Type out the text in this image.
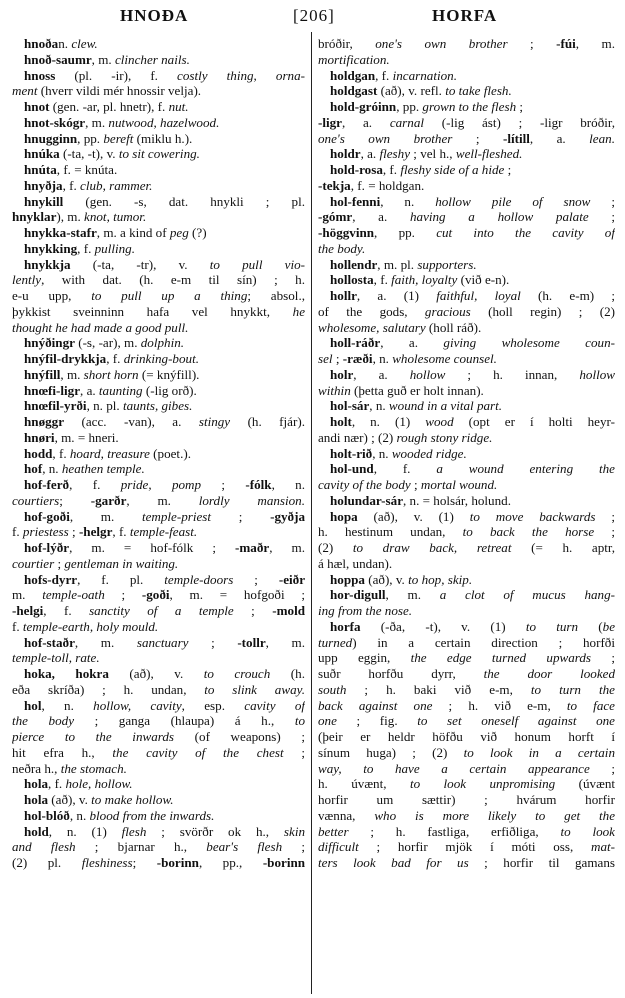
HNOÐA	[206]	HORFA
hnoðan. clew.
hnoð-saumr, m. clincher nails.
hnoss (pl. -ir), f. costly thing, orna-
ment (hverr vildi mér hnossir velja).
hnot (gen. -ar, pl. hnetr), f. nut.
hnot-skógr, m. nutwood, hazelwood.
hnugginn, pp. bereft (miklu h.).
hnúka (-ta, -t), v. to sit cowering.
hnúta, f. = knúta.
hnyðja, f. club, rammer.
hnykill (gen. -s, dat. hnykli ; pl.
hnyklar), m. knot, tumor.
hnykka-stafr, m. a kind of peg (?)
hnykking, f. pulling.
hnykkja (-ta, -tr), v. to pull vio-
lently, with dat. (h. e-m til sín) ; h.
e-u upp, to pull up a thing; absol.,
þykkist sveinninn hafa vel hnykkt, he
thought he had made a good pull.
hnýðingr (-s, -ar), m. dolphin.
hnýfil-drykkja, f. drinking-bout.
hnýfill, m. short horn (= knýfill).
hnœfi-ligr, a. taunting (-lig orð).
hnœfil-yrði, n. pl. taunts, gibes.
hnøggr (acc. -van), a. stingy (h. fjár).
hnøri, m. = hneri.
hodd, f. hoard, treasure (poet.).
hof, n. heathen temple.
hof-ferð, f. pride, pomp ; -fólk, n.
courtiers; -garðr, m. lordly mansion.
hof-goði, m. temple-priest ; -gyðja
f. priestess ; -helgr, f. temple-feast.
hof-lýðr, m. = hof-fólk ; -maðr, m.
courtier ; gentleman in waiting.
hofs-dyrr, f. pl. temple-doors ; -eiðr
m. temple-oath ; -goði, m. = hofgoði ;
-helgi, f. sanctity of a temple ; -mold
f. temple-earth, holy mould.
hof-staðr, m. sanctuary ; -tollr, m.
temple-toll, rate.
hoka, hokra (að), v. to crouch (h.
eða skríða) ; h. undan, to slink away.
hol, n. hollow, cavity, esp. cavity of
the body ; ganga (hlaupa) á h., to
pierce to the inwards (of weapons) ;
hit efra h., the cavity of the chest ;
neðra h., the stomach.
hola, f. hole, hollow.
hola (að), v. to make hollow.
hol-blóð, n. blood from the inwards.
hold, n. (1) flesh ; svörðr ok h., skin
and flesh ; bjarnar h., bear's flesh ;
(2) pl. fleshiness; -borinn, pp., -borinn
bróðir, one's own brother ; -fúi, m.
mortification.
holdgan, f. incarnation.
holdgast (að), v. refl. to take flesh.
hold-gróinn, pp. grown to the flesh ;
-ligr, a. carnal (-lig ást) ; -ligr bróðir,
one's own brother ; -lítill, a. lean.
holdr, a. fleshy ; vel h., well-fleshed.
hold-rosa, f. fleshy side of a hide ;
-tekja, f. = holdgan.
hol-fenni, n. hollow pile of snow ;
-gómr, a. having a hollow palate ;
-höggvinn, pp. cut into the cavity of
the body.
hollendr, m. pl. supporters.
hollosta, f. faith, loyalty (við e-n).
hollr, a. (1) faithful, loyal (h. e-m) ;
of the gods, gracious (holl regin) ; (2)
wholesome, salutary (holl ráð).
holl-ráðr, a. giving wholesome coun-
sel ; -ræði, n. wholesome counsel.
holr, a. hollow ; h. innan, hollow
within (þetta guð er holt innan).
hol-sár, n. wound in a vital part.
holt, n. (1) wood (opt er í holti heyr-
andi nær) ; (2) rough stony ridge.
holt-rið, n. wooded ridge.
hol-und, f. a wound entering the
cavity of the body ; mortal wound.
holundar-sár, n. = holsár, holund.
hopa (að), v. (1) to move backwards ;
h. hestinum undan, to back the horse ;
(2) to draw back, retreat (= h. aptr,
á hæl, undan).
hoppa (að), v. to hop, skip.
hor-digull, m. a clot of mucus hang-
ing from the nose.
horfa (-ða, -t), v. (1) to turn (be
turned) in a certain direction ; horfði
upp eggin, the edge turned upwards ;
suðr horfðu dyrr, the door looked
south ; h. baki við e-m, to turn the
back against one ; h. við e-m, to face
one ; fig. to set oneself against one
(þeir er heldr höfðu við honum horft í
sínum huga) ; (2) to look in a certain
way, to have a certain appearance ;
h. úvænt, to look unpromising (úvænt
horfir um sættir) ; hvárum horfir
vænna, who is more likely to get the
better ; h. fastliga, erfiðliga, to look
difficult ; horfir mjök í móti oss, mat-
ters look bad for us ; horfir til gamans
